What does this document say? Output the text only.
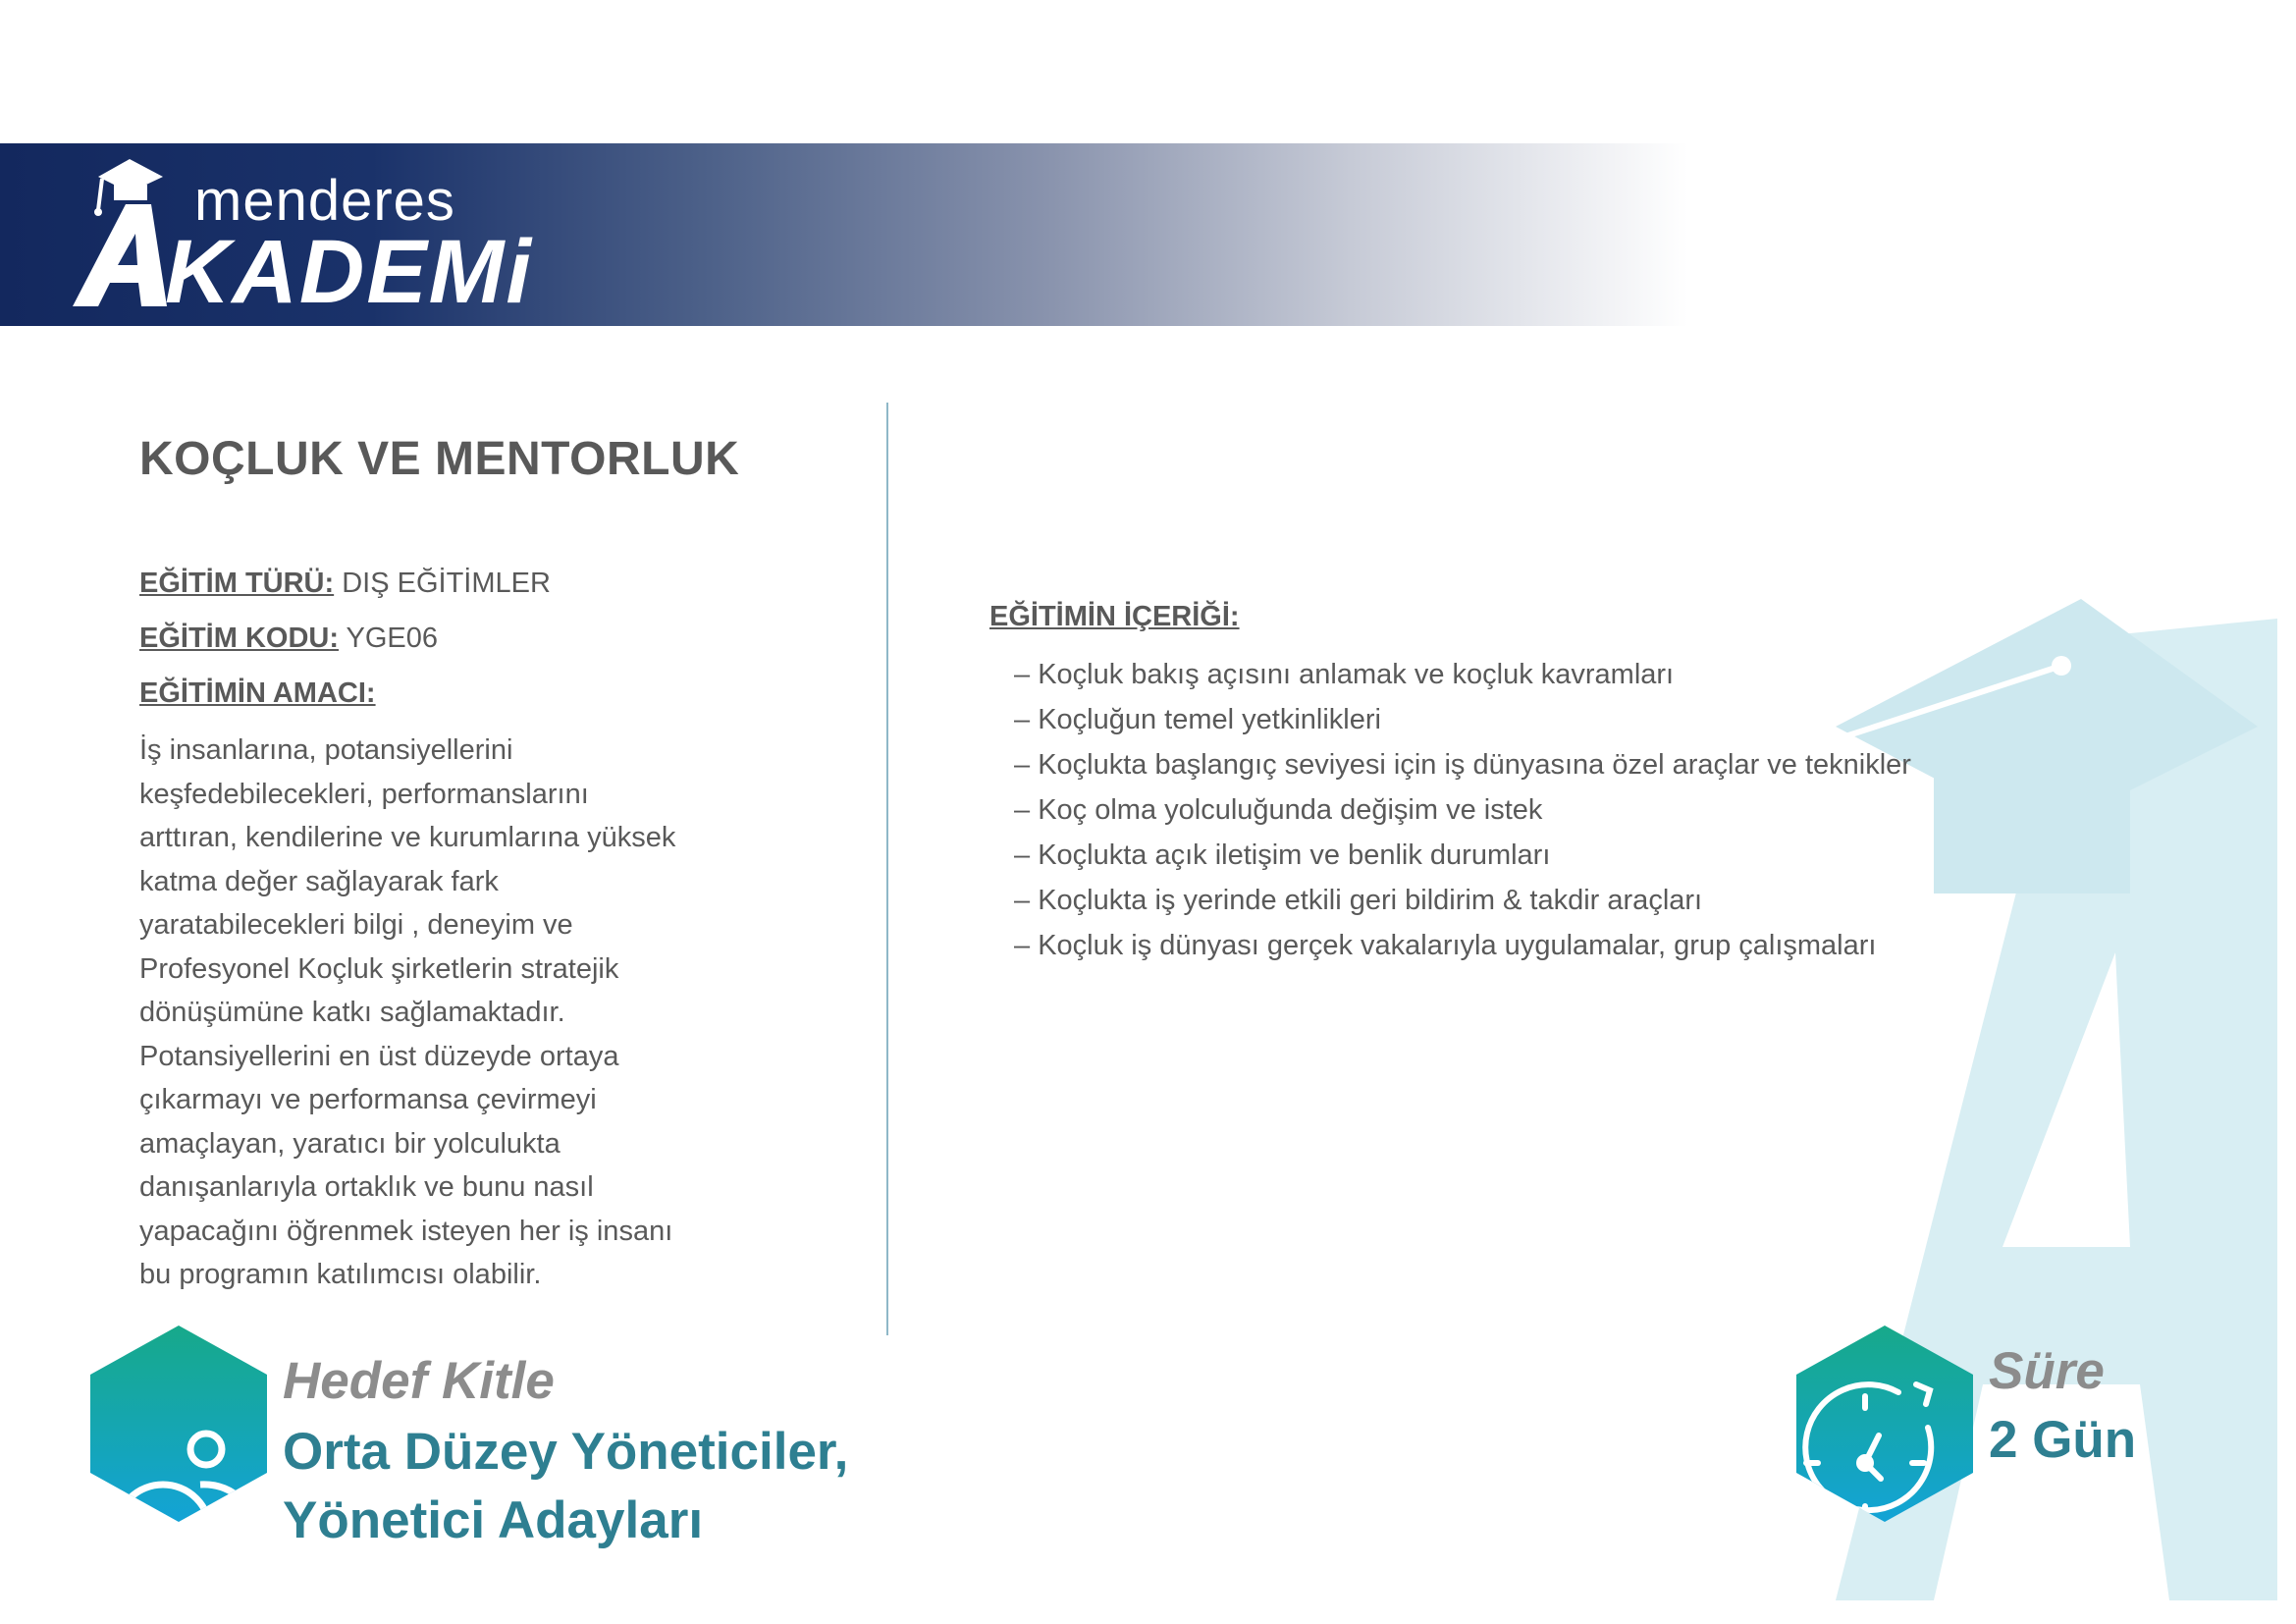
menderes
KADEMi
KOÇLUK VE MENTORLUK
EĞİTİM TÜRÜ: DIŞ EĞİTİMLER
EĞİTİM KODU: YGE06
EĞİTİMİN AMACI:
İş insanlarına, potansiyellerini
keşfedebilecekleri, performanslarını
arttıran, kendilerine ve kurumlarına yüksek
katma değer sağlayarak fark
yaratabilecekleri bilgi , deneyim ve
Profesyonel Koçluk şirketlerin stratejik
dönüşümüne katkı sağlamaktadır.
Potansiyellerini en üst düzeyde ortaya
çıkarmayı ve performansa çevirmeyi
amaçlayan, yaratıcı bir yolculukta
danışanlarıyla ortaklık ve bunu nasıl
yapacağını öğrenmek isteyen her iş insanı
bu programın katılımcısı olabilir.
EĞİTİMİN İÇERİĞİ:
– Koçluk bakış açısını anlamak ve koçluk kavramları
– Koçluğun temel yetkinlikleri
– Koçlukta başlangıç seviyesi için iş dünyasına özel araçlar ve teknikler
– Koç olma yolculuğunda değişim ve istek
– Koçlukta açık iletişim ve benlik durumları
– Koçlukta iş yerinde etkili geri bildirim & takdir araçları
– Koçluk iş dünyası gerçek vakalarıyla uygulamalar, grup çalışmaları
Hedef Kitle
Orta Düzey Yöneticiler,
Yönetici Adayları
Süre
2 Gün
